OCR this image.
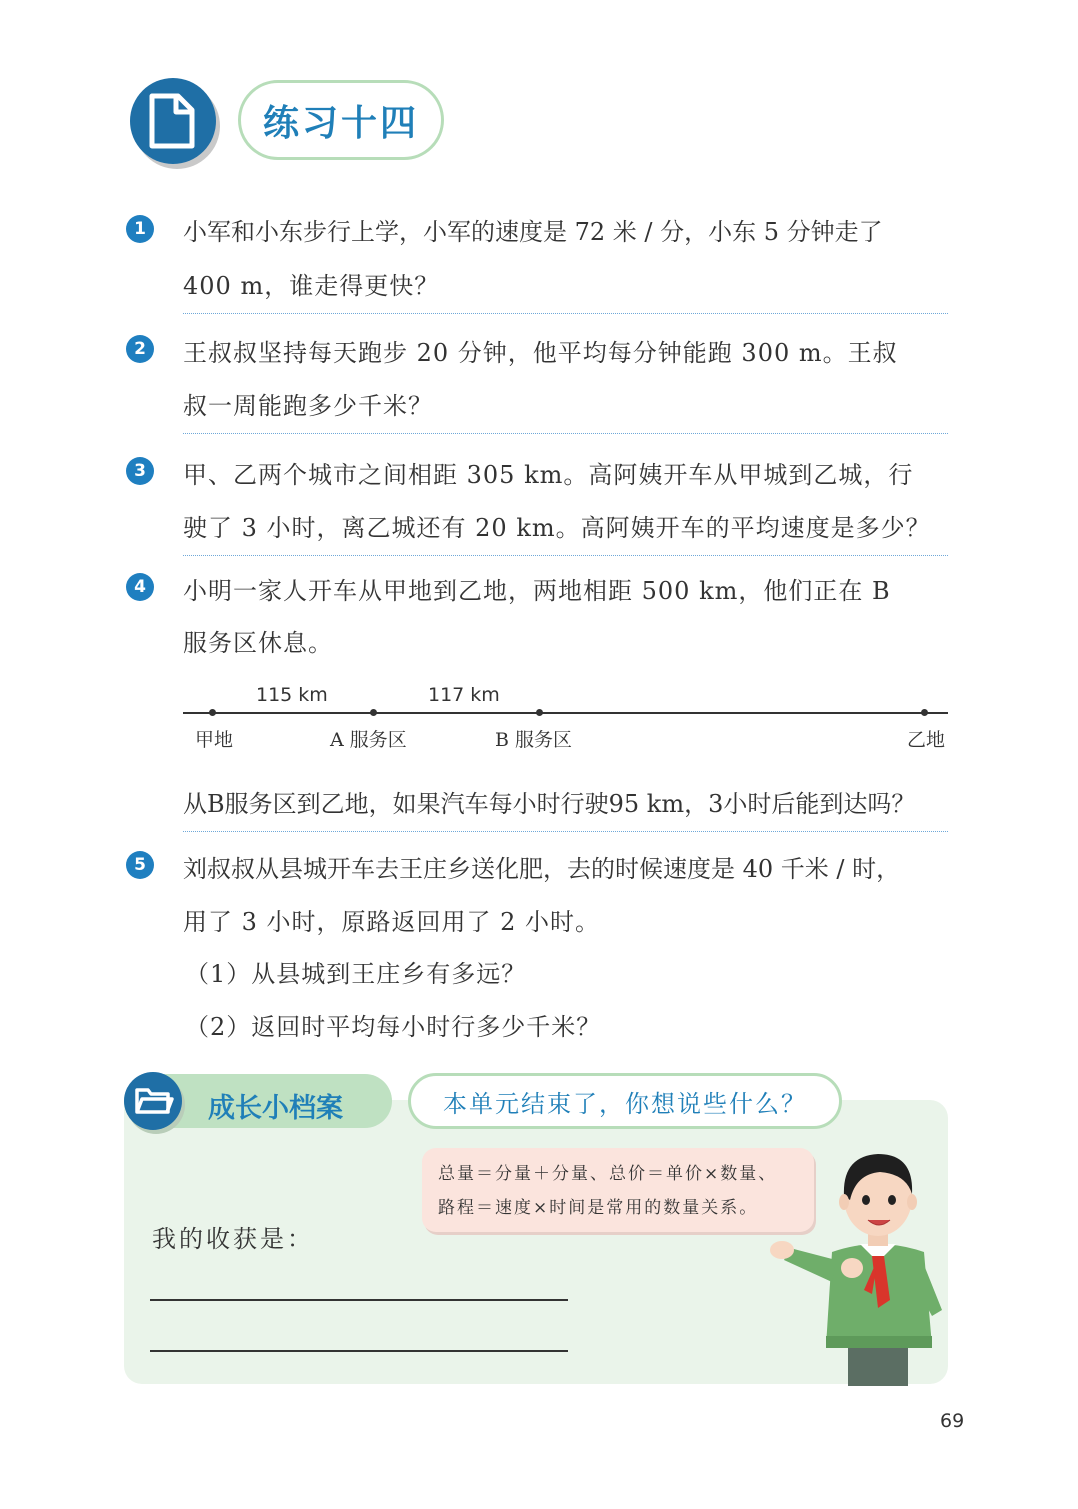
练习十四
1	小军和小东步行上学，小军的速度是 72 米 / 分，小东 5 分钟走了
400 m，谁走得更快？
2	王叔叔坚持每天跑步 20 分钟，他平均每分钟能跑 300 m。王叔
叔一周能跑多少千米？
3	甲、乙两个城市之间相距 305 km。高阿姨开车从甲城到乙城，行
驶了 3 小时，离乙城还有 20 km。高阿姨开车的平均速度是多少？
4	小明一家人开车从甲地到乙地，两地相距 500 km，他们正在 B
服务区休息。
115 km	117 km
甲地	A 服务区	B 服务区	乙地
从B服务区到乙地，如果汽车每小时行驶95 km，3小时后能到达吗？
5	刘叔叔从县城开车去王庄乡送化肥，去的时候速度是 40 千米 / 时，
用了 3 小时，原路返回用了 2 小时。
（1）从县城到王庄乡有多远？
（2）返回时平均每小时行多少千米？
成长小档案	本单元结束了，你想说些什么？
总量＝分量＋分量、总价＝单价×数量、
路程＝速度×时间是常用的数量关系。
我的收获是：
69
